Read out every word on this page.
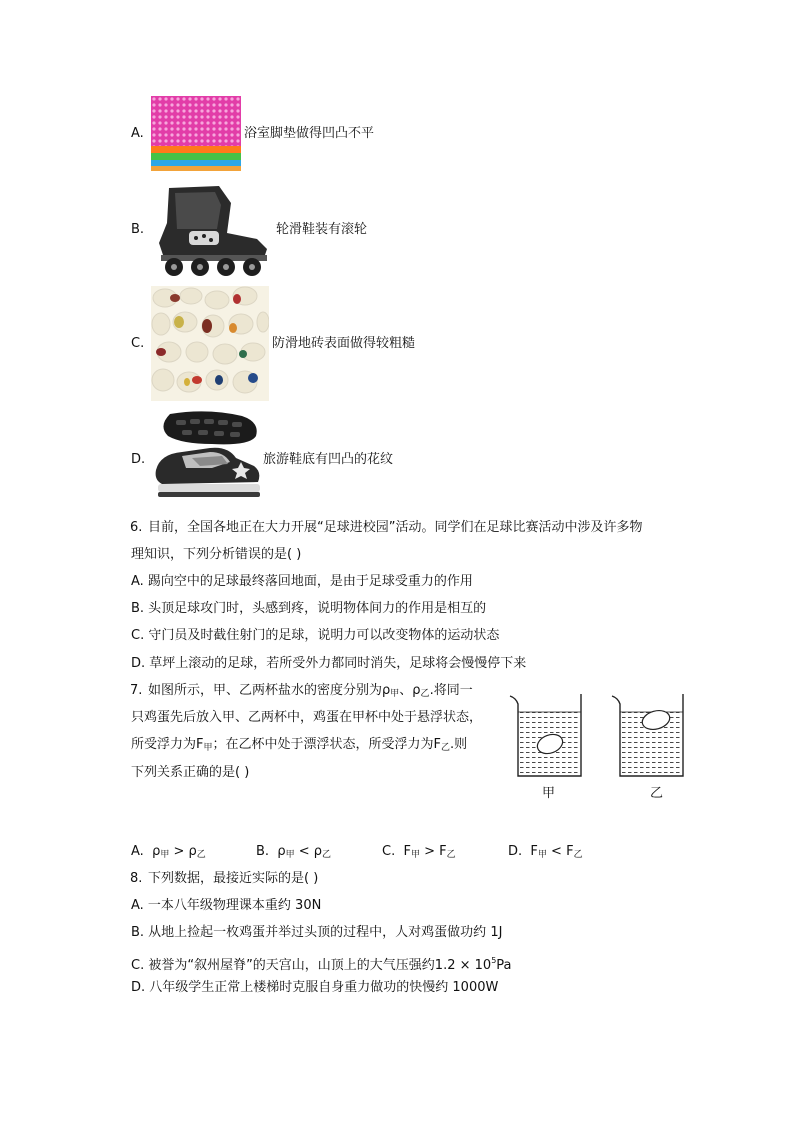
A.	浴室脚垫做得凹凸不平
B.	轮滑鞋装有滚轮
C.	防滑地砖表面做得较粗糙
D.	旅游鞋底有凹凸的花纹
6. 目前，全国各地正在大力开展“足球进校园”活动。同学们在足球比赛活动中涉及许多物
理知识，下列分析错误的是( )
A. 踢向空中的足球最终落回地面，是由于足球受重力的作用
B. 头顶足球攻门时，头感到疼，说明物体间力的作用是相互的
C. 守门员及时截住射门的足球，说明力可以改变物体的运动状态
D. 草坪上滚动的足球，若所受外力都同时消失，足球将会慢慢停下来
7. 如图所示，甲、乙两杯盐水的密度分别为$\rho_甲$、$\rho_乙$.将同一
只鸡蛋先后放入甲、乙两杯中，鸡蛋在甲杯中处于悬浮状态，
所受浮力为$F_甲$；在乙杯中处于漂浮状态，所受浮力为$F_乙$.则
下列关系正确的是( )
甲	乙
A. $\rho_甲 > \rho_乙$	B. $\rho_甲 < \rho_乙$	C. $F_甲 > F_乙$	D. $F_甲 < F_乙$
8. 下列数据，最接近实际的是( )
A. 一本八年级物理课本重约 30N
B. 从地上捡起一枚鸡蛋并举过头顶的过程中，人对鸡蛋做功约 1J
C. 被誉为“叙州屋脊”的天宫山，山顶上的大气压强约$1.2 \times 10^5Pa$
D. 八年级学生正常上楼梯时克服自身重力做功的快慢约 1000W
